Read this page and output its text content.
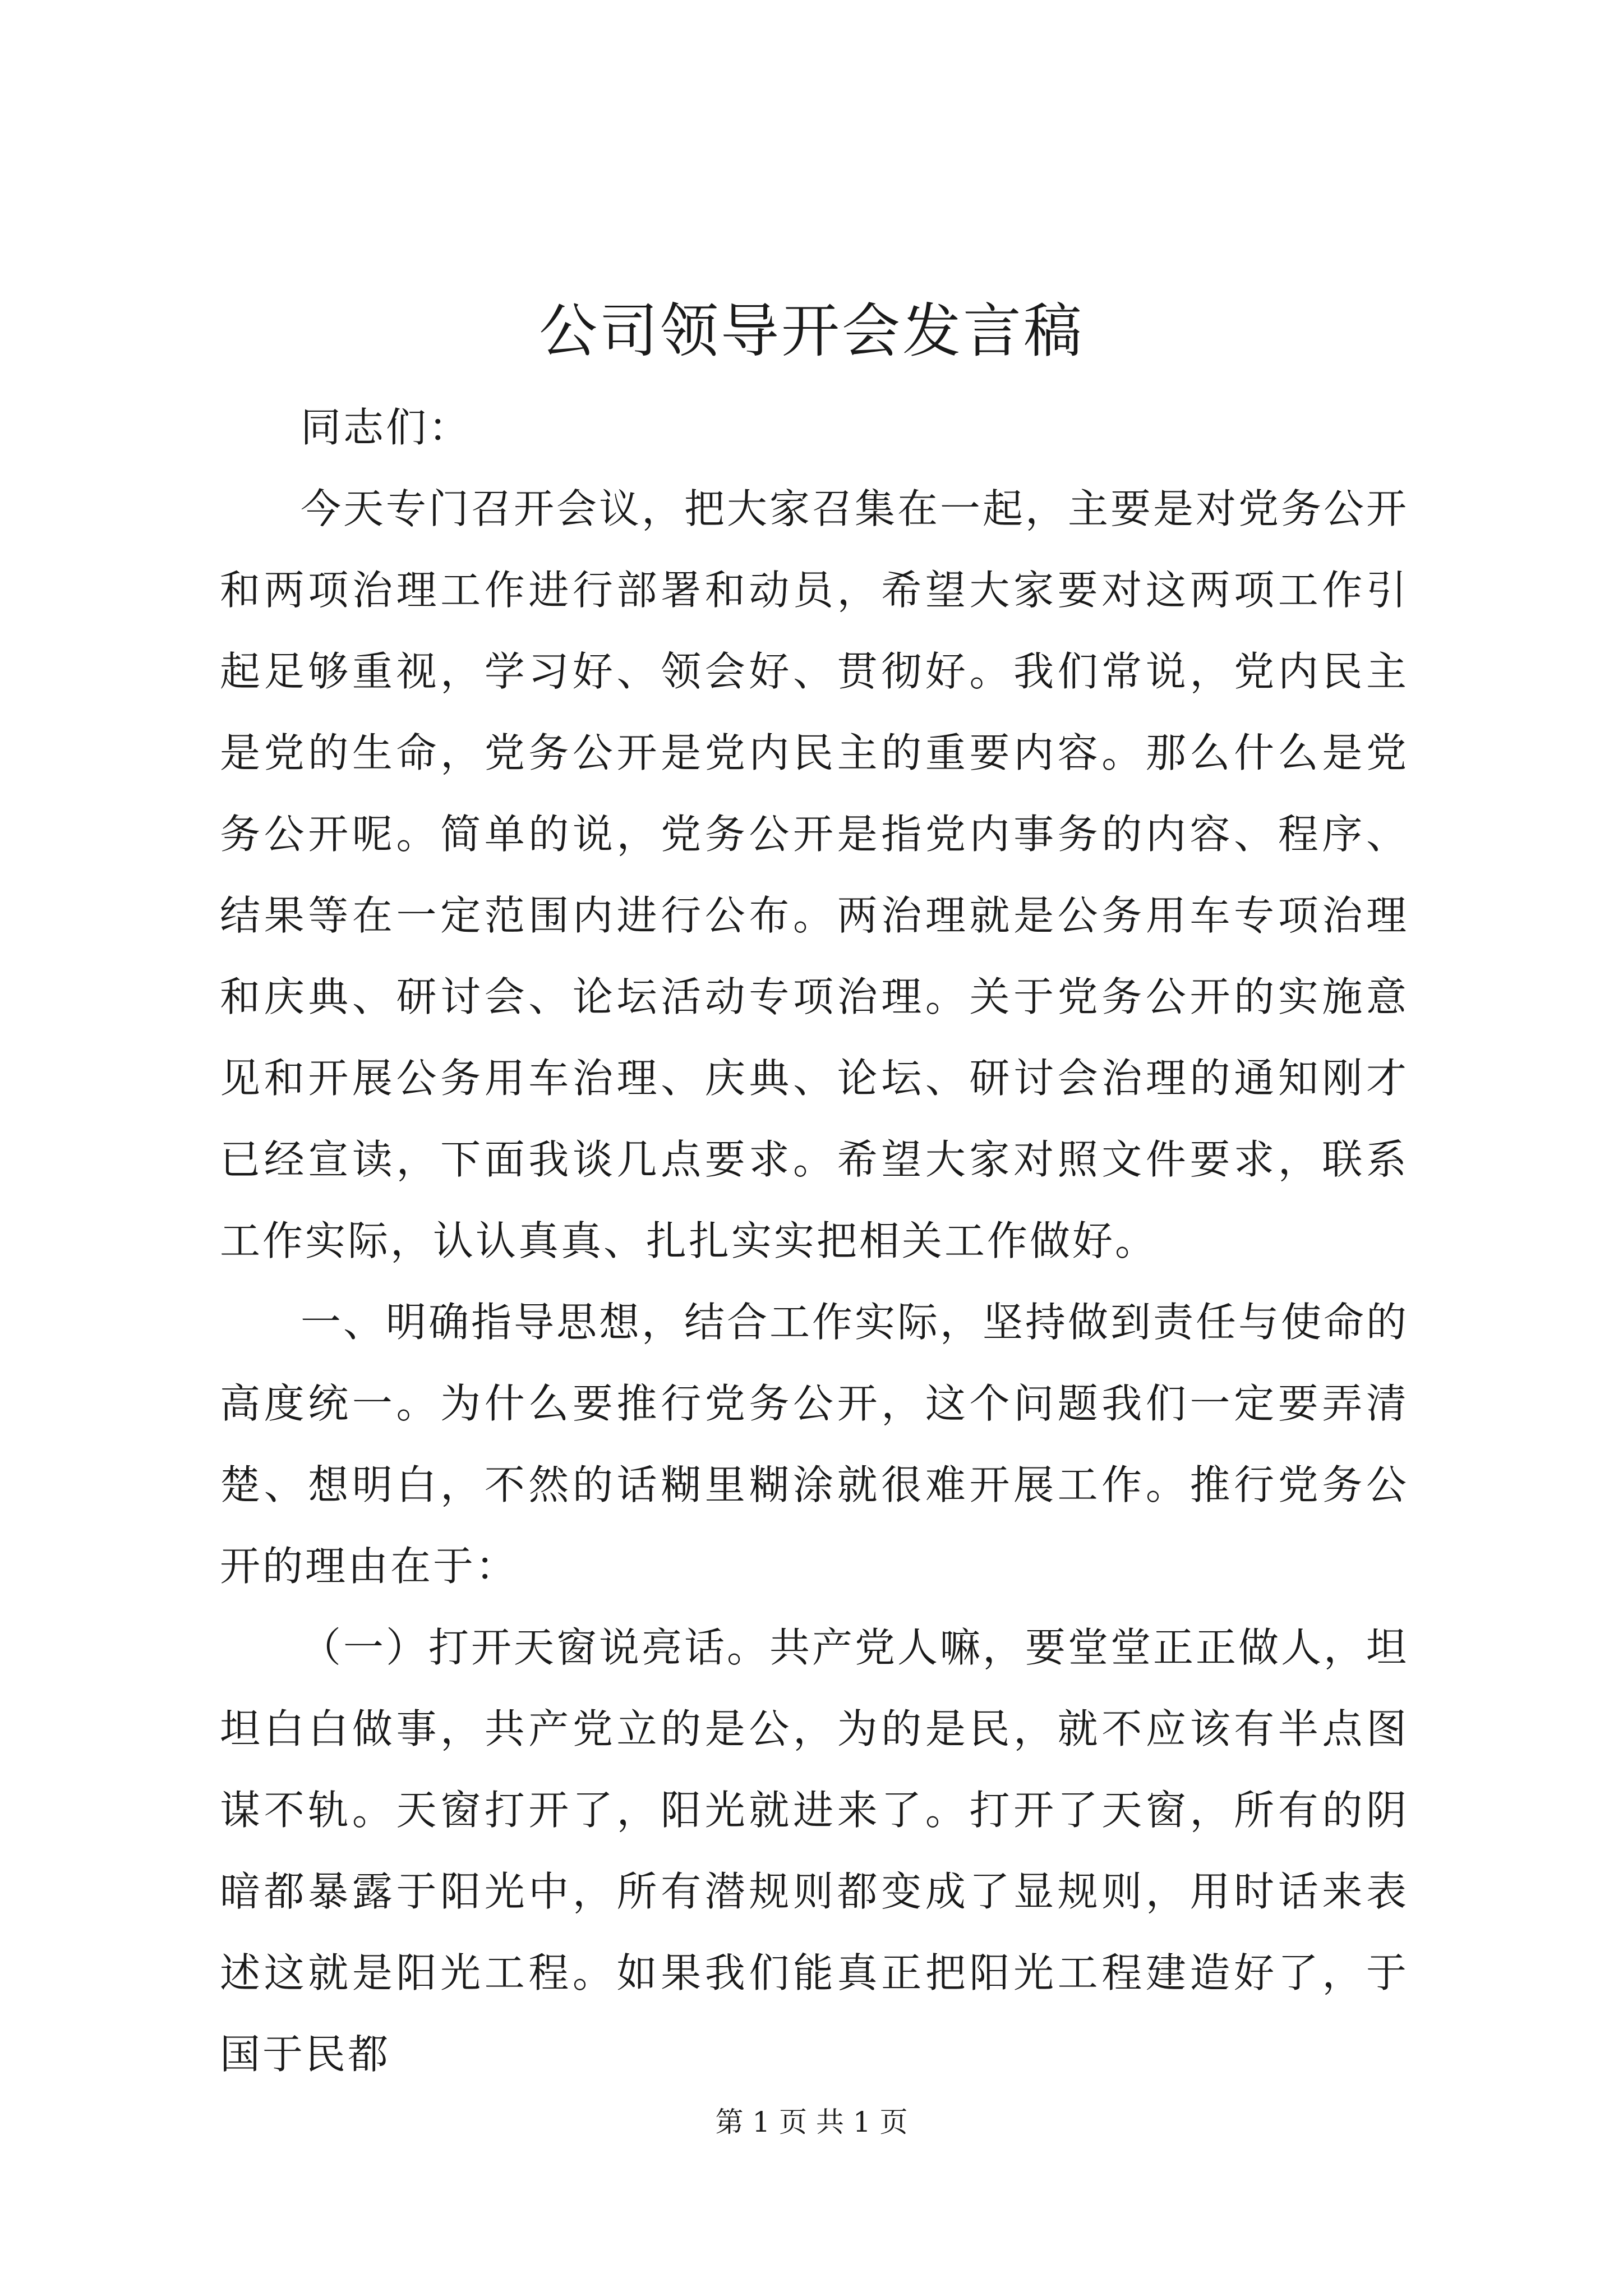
公司领导开会发言稿

同志们：

今天专门召开会议，把大家召集在一起，主要是对党务公开和两项治理工作进行部署和动员，希望大家要对这两项工作引起足够重视，学习好、领会好、贯彻好。我们常说，党内民主是党的生命，党务公开是党内民主的重要内容。那么什么是党务公开呢。简单的说，党务公开是指党内事务的内容、程序、结果等在一定范围内进行公布。两治理就是公务用车专项治理和庆典、研讨会、论坛活动专项治理。关于党务公开的实施意见和开展公务用车治理、庆典、论坛、研讨会治理的通知刚才已经宣读，下面我谈几点要求。希望大家对照文件要求，联系工作实际，认认真真、扎扎实实把相关工作做好。

一、明确指导思想，结合工作实际，坚持做到责任与使命的高度统一。为什么要推行党务公开，这个问题我们一定要弄清楚、想明白，不然的话糊里糊涂就很难开展工作。推行党务公开的理由在于：

（一）打开天窗说亮话。共产党人嘛，要堂堂正正做人，坦坦白白做事，共产党立的是公，为的是民，就不应该有半点图谋不轨。天窗打开了，阳光就进来了。打开了天窗，所有的阴暗都暴露于阳光中，所有潜规则都变成了显规则，用时话来表述这就是阳光工程。如果我们能真正把阳光工程建造好了，于国于民都

第 1 页 共 1 页
